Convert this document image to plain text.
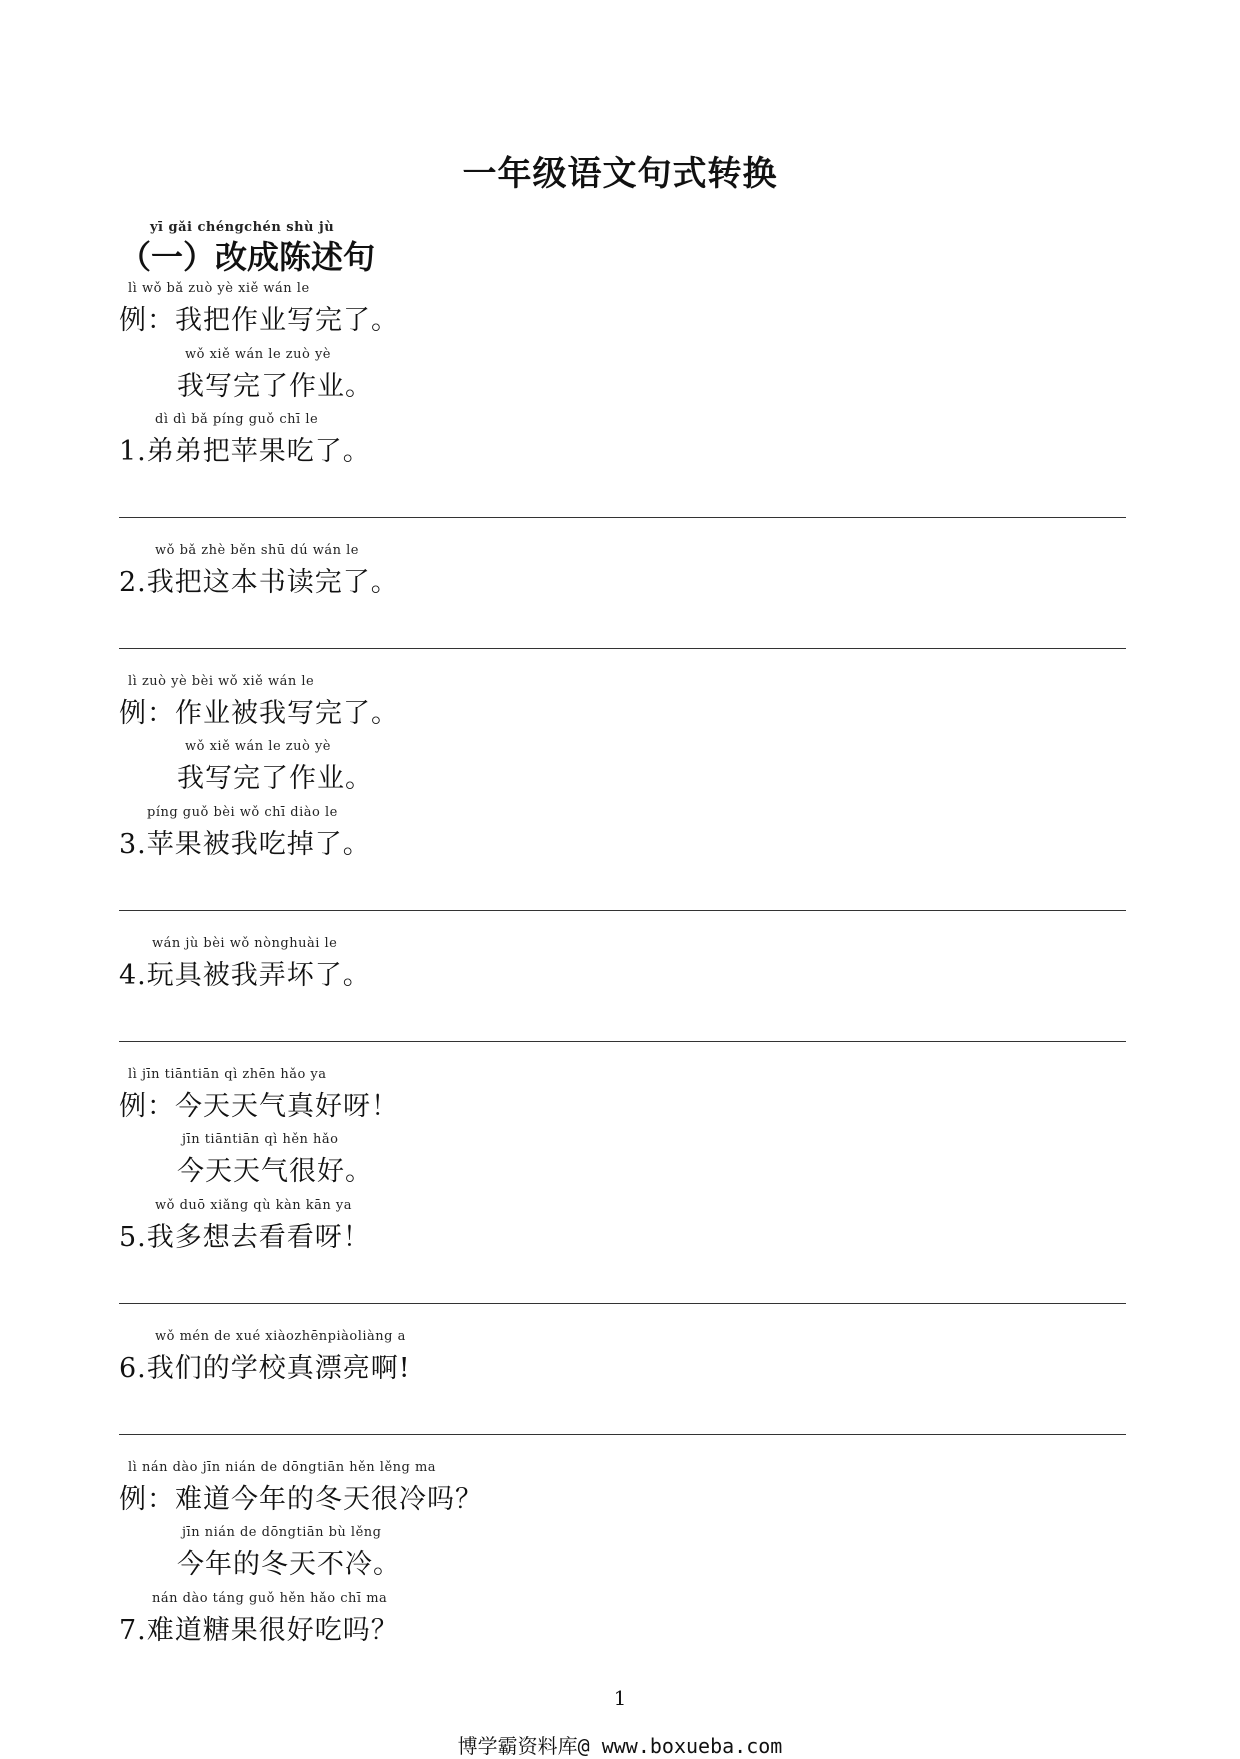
一年级语文句式转换
yī gǎi chéngchén shù jù
（一）改成陈述句
lì wǒ bǎ zuò yè xiě wán le
例：我把作业写完了。
wǒ xiě wán le zuò yè
我写完了作业。
dì dì bǎ píng guǒ chī le
1.弟弟把苹果吃了。
wǒ bǎ zhè běn shū dú wán le
2.我把这本书读完了。
lì zuò yè bèi wǒ xiě wán le
例：作业被我写完了。
wǒ xiě wán le zuò yè
我写完了作业。
píng guǒ bèi wǒ chī diào le
3.苹果被我吃掉了。
wán jù bèi wǒ nònghuài le
4.玩具被我弄坏了。
lì jīn tiāntiān qì zhēn hǎo ya
例：今天天气真好呀！
jīn tiāntiān qì hěn hǎo
今天天气很好。
wǒ duō xiǎng qù kàn kān ya
5.我多想去看看呀！
wǒ mén de xué xiàozhēnpiàoliàng a
6.我们的学校真漂亮啊!
lì nán dào jīn nián de dōngtiān hěn lěng ma
例：难道今年的冬天很冷吗？
jīn nián de dōngtiān bù lěng
今年的冬天不冷。
nán dào táng guǒ hěn hǎo chī ma
7.难道糖果很好吃吗？
1
博学霸资料库@ www.boxueba.com
